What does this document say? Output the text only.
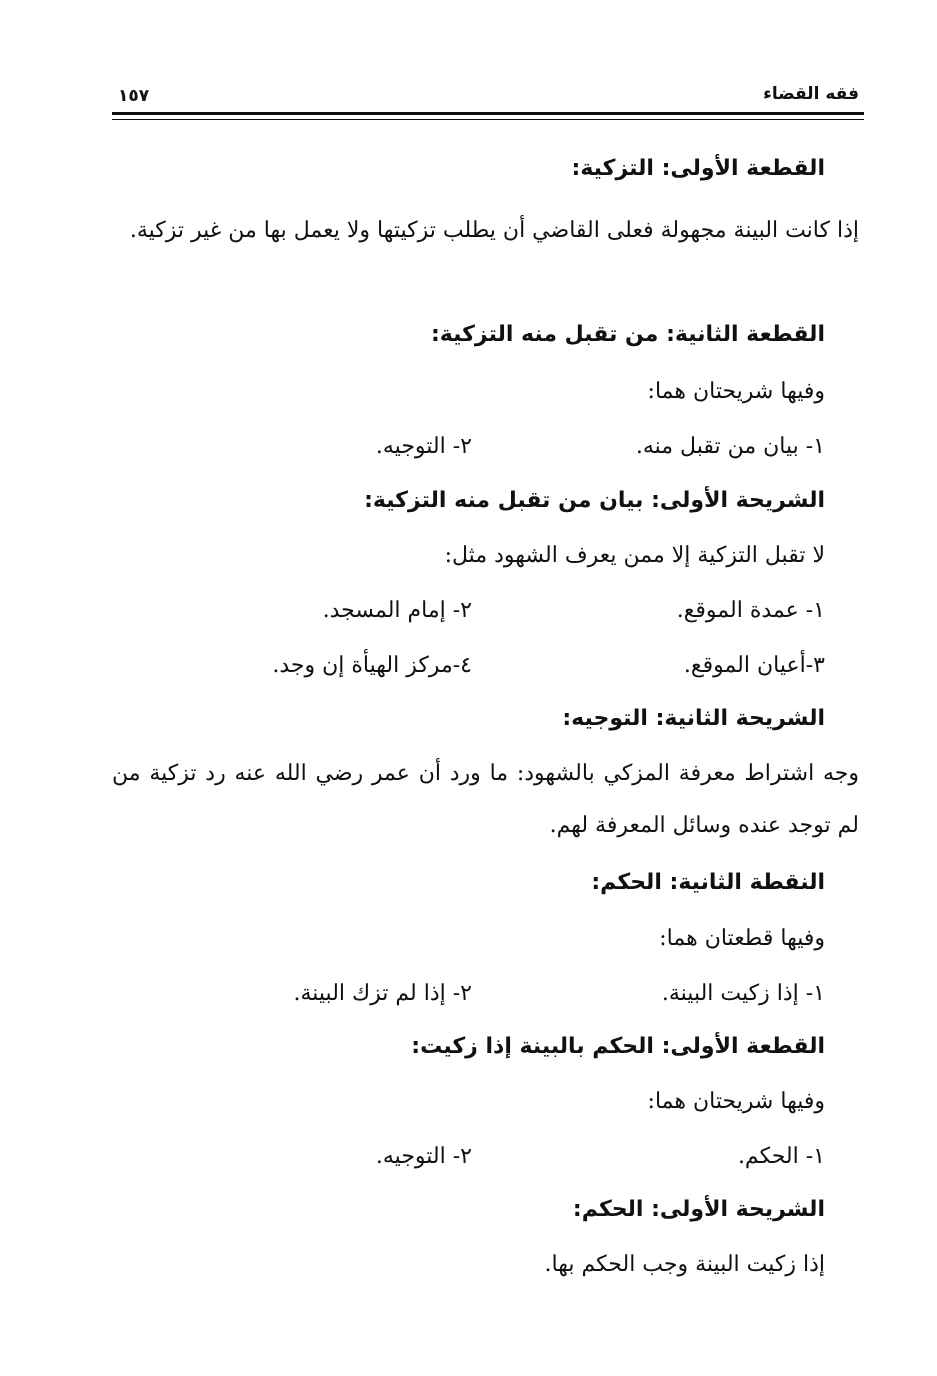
فقه القضاء
١٥٧
القطعة الأولى: التزكية:
إذا كانت البينة مجهولة فعلى القاضي أن يطلب تزكيتها ولا يعمل بها من غير تزكية.
القطعة الثانية: من تقبل منه التزكية:
وفيها شريحتان هما:
١- بيان من تقبل منه.
٢- التوجيه.
الشريحة الأولى: بيان من تقبل منه التزكية:
لا تقبل التزكية إلا ممن يعرف الشهود مثل:
١- عمدة الموقع.
٢- إمام المسجد.
٣-أعيان الموقع.
٤-مركز الهيأة إن وجد.
الشريحة الثانية: التوجيه:
وجه اشتراط معرفة المزكي بالشهود: ما ورد أن عمر رضي الله عنه رد تزكية من لم توجد عنده وسائل المعرفة لهم.
النقطة الثانية: الحكم:
وفيها قطعتان هما:
١- إذا زكيت البينة.
٢- إذا لم تزك البينة.
القطعة الأولى: الحكم بالبينة إذا زكيت:
وفيها شريحتان هما:
١- الحكم.
٢- التوجيه.
الشريحة الأولى: الحكم:
إذا زكيت البينة وجب الحكم بها.
